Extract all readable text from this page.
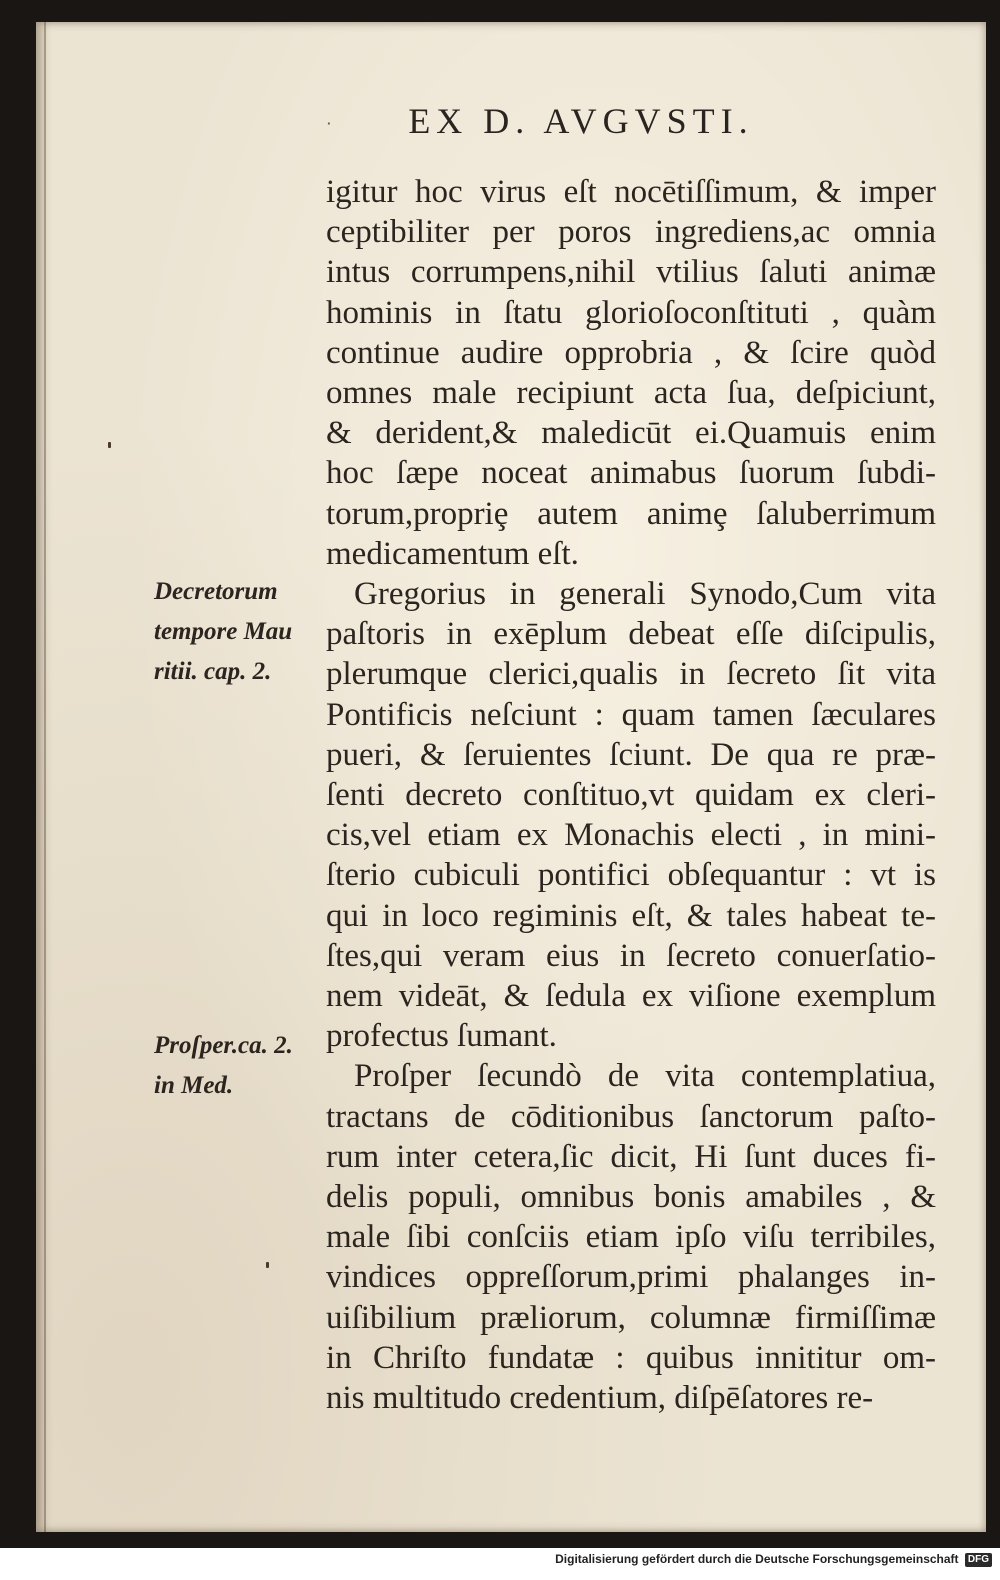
⋅	EX D. AVGVSTI.
igitur hoc virus eſt nocētiſſimum, & imper
ceptibiliter per poros ingrediens,ac omnia
intus corrumpens,nihil vtilius ſaluti animæ
hominis in ſtatu glorioſoconſtituti , quàm
continue audire opprobria , & ſcire quòd
omnes male recipiunt acta ſua, deſpiciunt,
& derident,& maledicūt ei.Quamuis enim
hoc ſæpe noceat animabus ſuorum ſubdi-
torum,propriȩ autem animȩ ſaluberrimum
medicamentum eſt.
Gregorius in generali Synodo,Cum vita
paſtoris in exēplum debeat eſſe diſcipulis,
plerumque clerici,qualis in ſecreto ſit vita
Pontificis neſciunt : quam tamen ſæculares
pueri, & ſeruientes ſciunt. De qua re præ-
ſenti decreto conſtituo,vt quidam ex cleri-
cis,vel etiam ex Monachis electi , in mini-
ſterio cubiculi pontifici obſequantur : vt is
qui in loco regiminis eſt, & tales habeat te-
ſtes,qui veram eius in ſecreto conuerſatio-
nem videāt, & ſedula ex viſione exemplum
profectus ſumant.
Proſper ſecundò de vita contemplatiua,
tractans de cōditionibus ſanctorum paſto-
rum inter cetera,ſic dicit, Hi ſunt duces fi-
delis populi, omnibus bonis amabiles , &
male ſibi conſciis etiam ipſo viſu terribiles,
vindices oppreſſorum,primi phalanges in-
uiſibilium præliorum, columnæ firmiſſimæ
in Chriſto fundatæ : quibus innititur om-
nis multitudo credentium, diſpēſatores re-
Decretorum
tempore Mau
ritii. cap. 2.
Proſper.ca. 2.
in Med.
Digitalisierung gefördert durch die Deutsche Forschungsgemeinschaft DFG
